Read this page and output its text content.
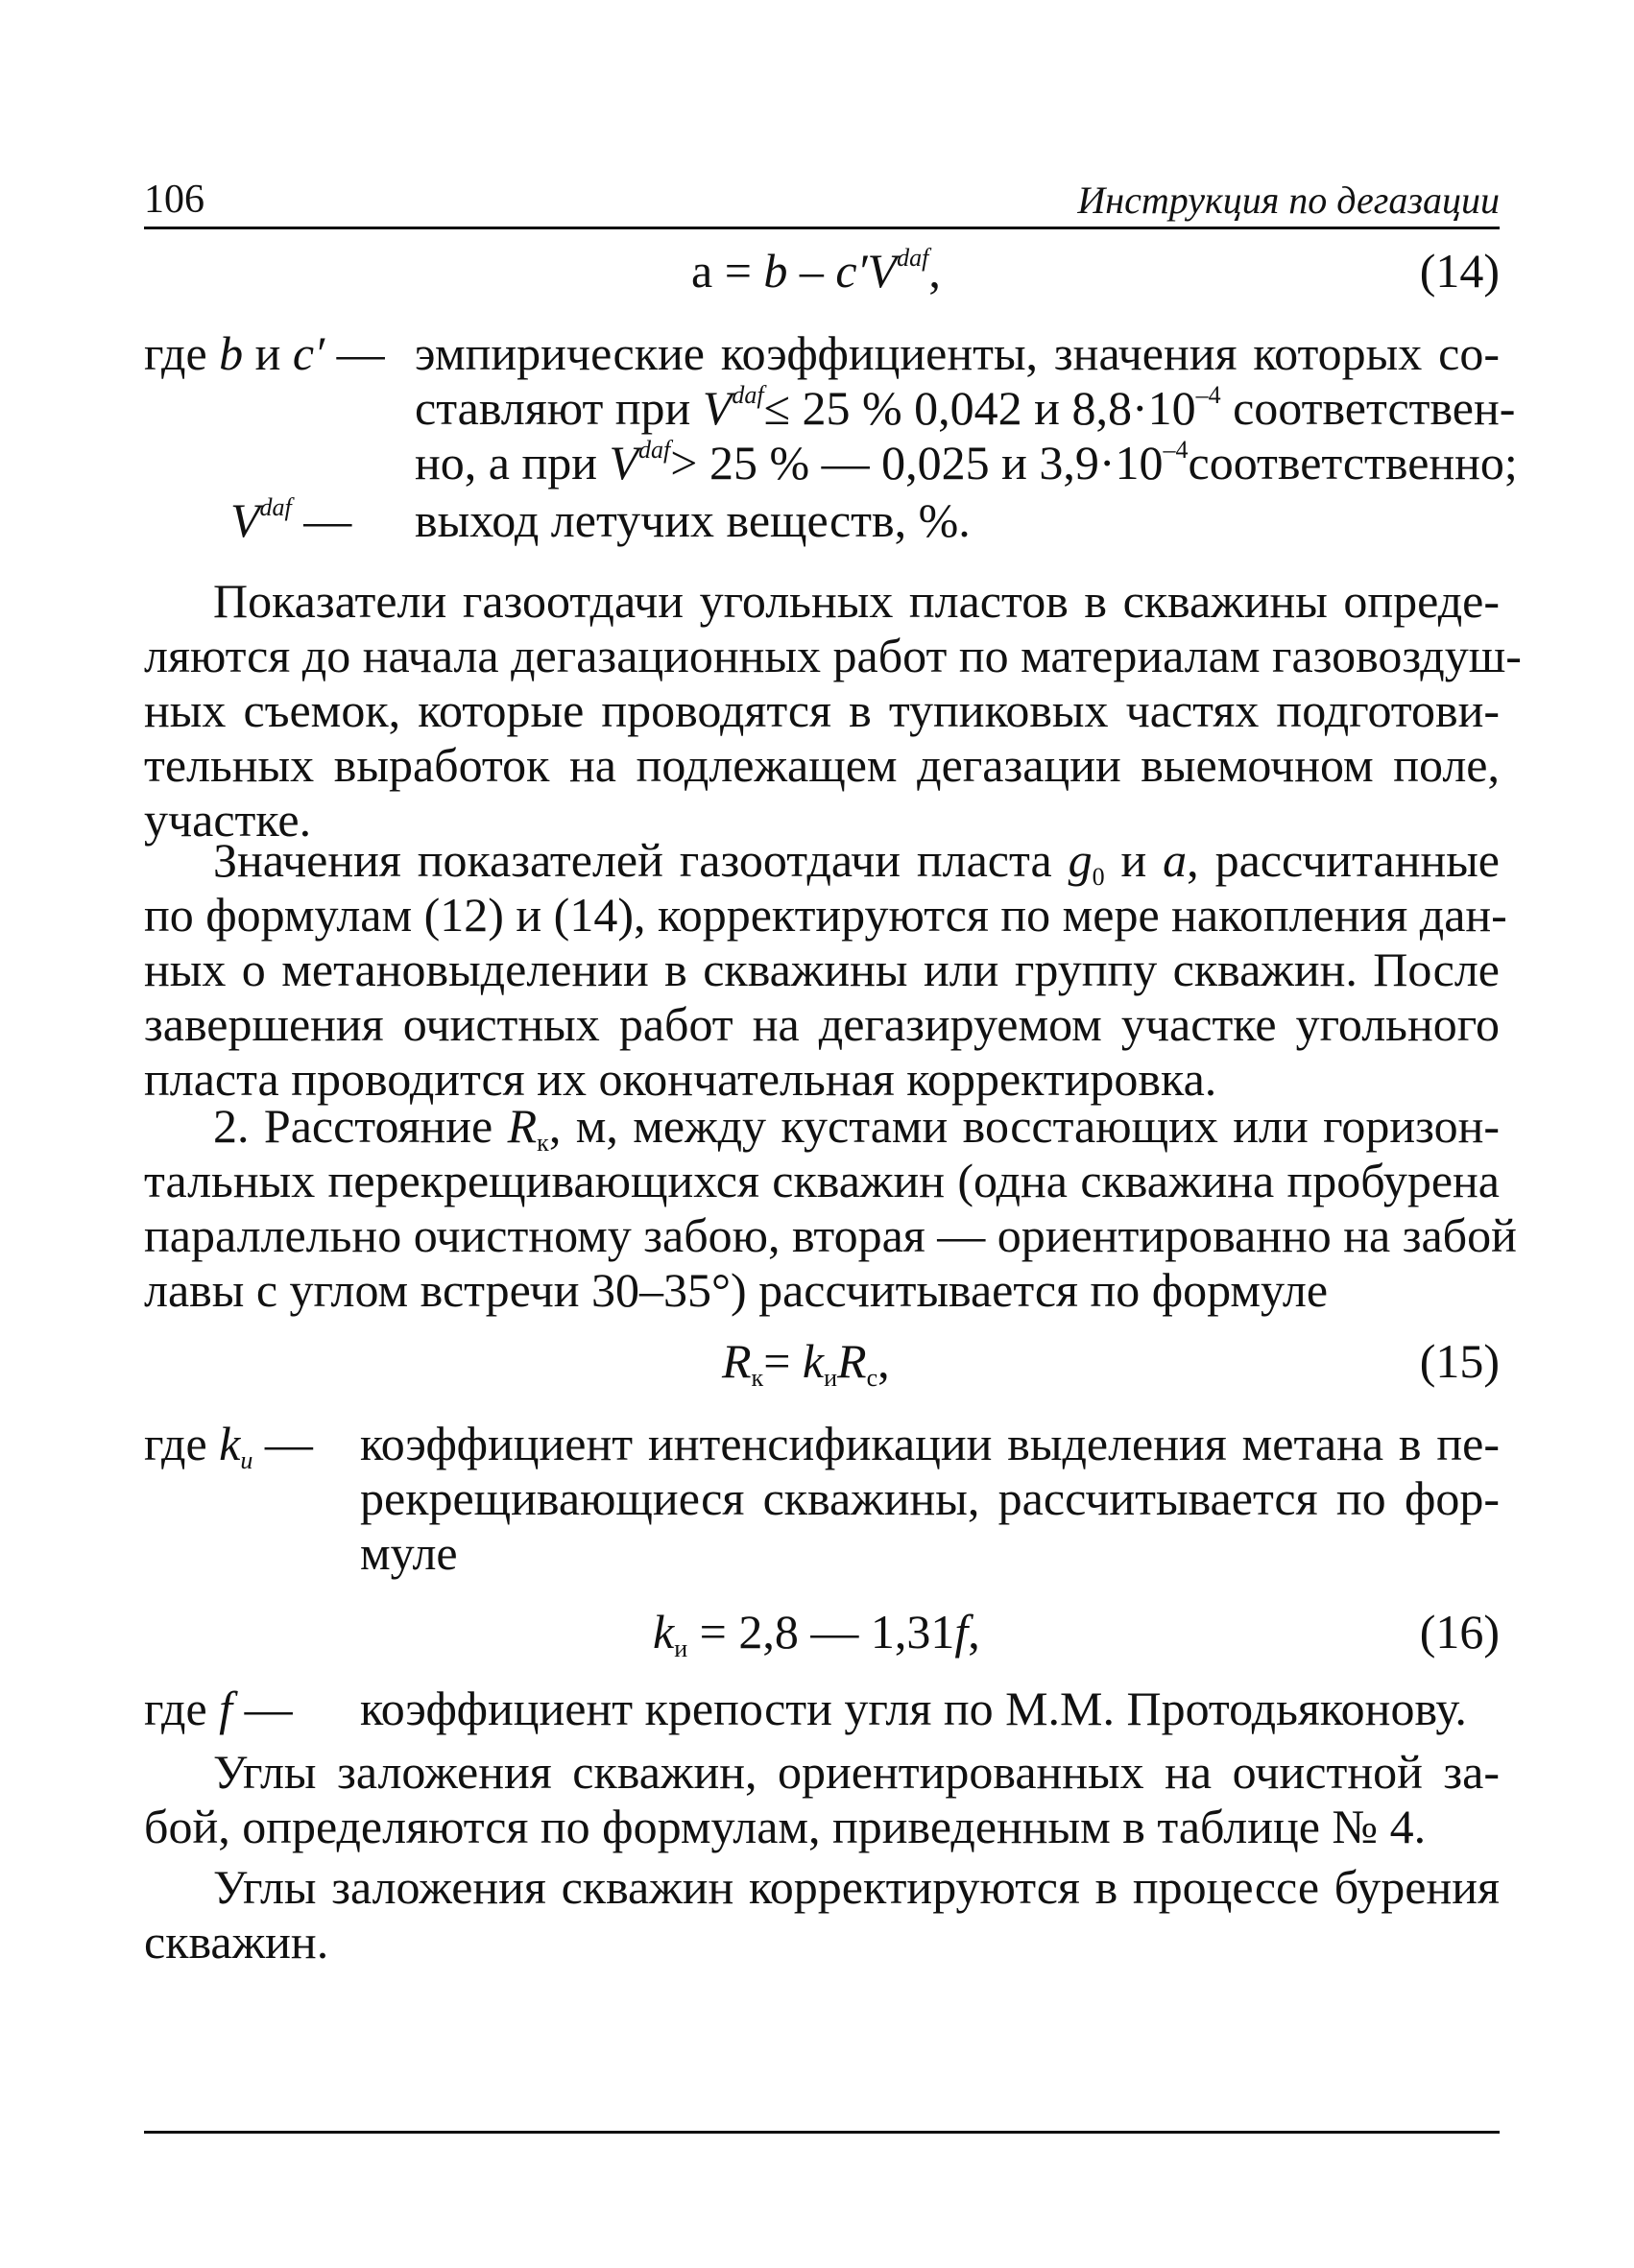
106	Инструкция по дегазации
$a = b - c'V^{daf}$,	(14)
где b и c′ — эмпирические коэффициенты, значения которых со-
ставляют при $V^{daf}\le 25$ % 0,042 и $8,8\cdot 10^{-4}$ соответствен-
но, а при $V^{daf}> 25$ % — 0,025 и $3,9\cdot 10^{-4}соответственно$;
$V^{daf}$ — выход летучих веществ, %.
Показатели газоотдачи угольных пластов в скважины опреде-
ляются до начала дегазационных работ по материалам газовоздуш-
ных съемок, которые проводятся в тупиковых частях подготови-
тельных выработок на подлежащем дегазации выемочном поле,
участке.
Значения показателей газоотдачи пласта $g_0$ и a, рассчитанные
по формулам (12) и (14), корректируются по мере накопления дан-
ных о метановыделении в скважины или группу скважин. После
завершения очистных работ на дегазируемом участке угольного
пласта проводится их окончательная корректировка.
2. Расстояние $R_к$, м, между кустами восстающих или горизон-
тальных перекрещивающихся скважин (одна скважина пробурена
параллельно очистному забою, вторая — ориентированно на забой
лавы с углом встречи 30–35°) рассчитывается по формуле
$R_к= k_иR_с$,	(15)
где $k_и$ — коэффициент интенсификации выделения метана в пе-
рекрещивающиеся скважины, рассчитывается по фор-
муле
$k_и = 2,8$ — 1,31f,	(16)
где f — коэффициент крепости угля по М.М. Протодьяконову.
Углы заложения скважин, ориентированных на очистной за-
бой, определяются по формулам, приведенным в таблице № 4.
Углы заложения скважин корректируются в процессе бурения
скважин.
